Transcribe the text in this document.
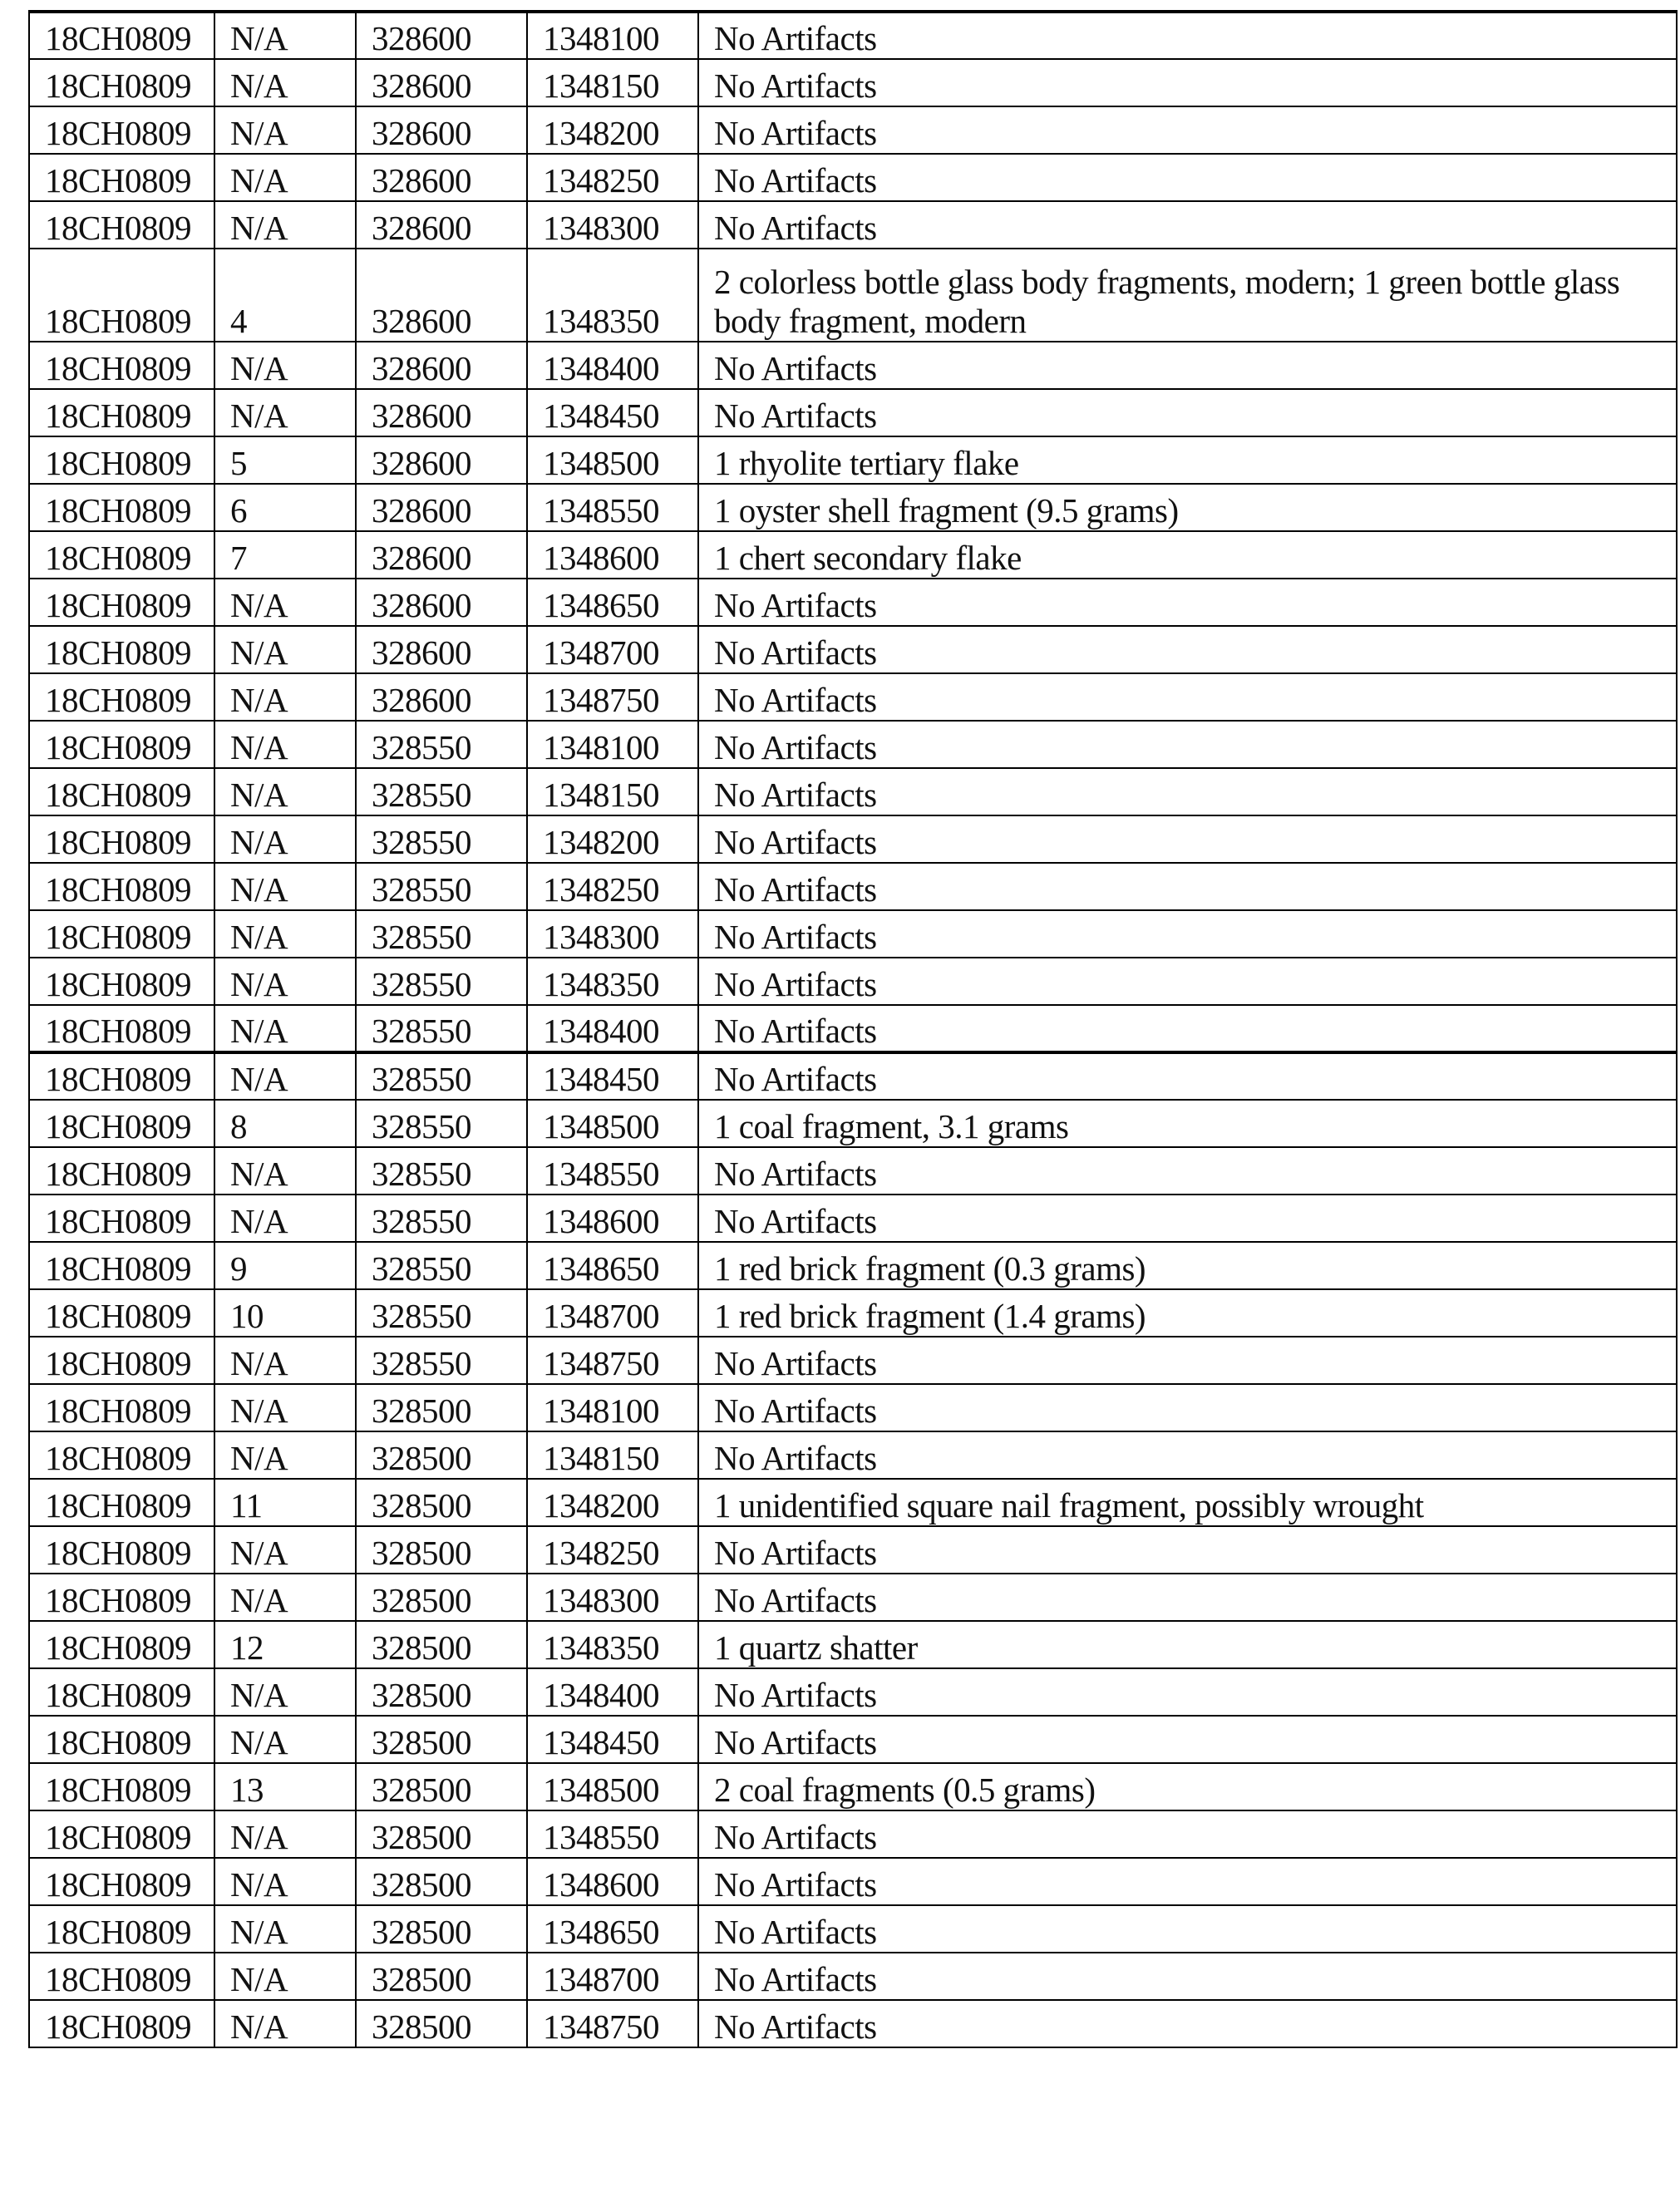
18CH0809	N/A	328600	1348100	No Artifacts
18CH0809	N/A	328600	1348150	No Artifacts
18CH0809	N/A	328600	1348200	No Artifacts
18CH0809	N/A	328600	1348250	No Artifacts
18CH0809	N/A	328600	1348300	No Artifacts
18CH0809	4	328600	1348350	2 colorless bottle glass body fragments, modern; 1 green bottle glass body fragment, modern
18CH0809	N/A	328600	1348400	No Artifacts
18CH0809	N/A	328600	1348450	No Artifacts
18CH0809	5	328600	1348500	1 rhyolite tertiary flake
18CH0809	6	328600	1348550	1 oyster shell fragment (9.5 grams)
18CH0809	7	328600	1348600	1 chert secondary flake
18CH0809	N/A	328600	1348650	No Artifacts
18CH0809	N/A	328600	1348700	No Artifacts
18CH0809	N/A	328600	1348750	No Artifacts
18CH0809	N/A	328550	1348100	No Artifacts
18CH0809	N/A	328550	1348150	No Artifacts
18CH0809	N/A	328550	1348200	No Artifacts
18CH0809	N/A	328550	1348250	No Artifacts
18CH0809	N/A	328550	1348300	No Artifacts
18CH0809	N/A	328550	1348350	No Artifacts
18CH0809	N/A	328550	1348400	No Artifacts
18CH0809	N/A	328550	1348450	No Artifacts
18CH0809	8	328550	1348500	1 coal fragment, 3.1 grams
18CH0809	N/A	328550	1348550	No Artifacts
18CH0809	N/A	328550	1348600	No Artifacts
18CH0809	9	328550	1348650	1 red brick fragment (0.3 grams)
18CH0809	10	328550	1348700	1 red brick fragment (1.4 grams)
18CH0809	N/A	328550	1348750	No Artifacts
18CH0809	N/A	328500	1348100	No Artifacts
18CH0809	N/A	328500	1348150	No Artifacts
18CH0809	11	328500	1348200	1 unidentified square nail fragment, possibly wrought
18CH0809	N/A	328500	1348250	No Artifacts
18CH0809	N/A	328500	1348300	No Artifacts
18CH0809	12	328500	1348350	1 quartz shatter
18CH0809	N/A	328500	1348400	No Artifacts
18CH0809	N/A	328500	1348450	No Artifacts
18CH0809	13	328500	1348500	2 coal fragments (0.5 grams)
18CH0809	N/A	328500	1348550	No Artifacts
18CH0809	N/A	328500	1348600	No Artifacts
18CH0809	N/A	328500	1348650	No Artifacts
18CH0809	N/A	328500	1348700	No Artifacts
18CH0809	N/A	328500	1348750	No Artifacts
